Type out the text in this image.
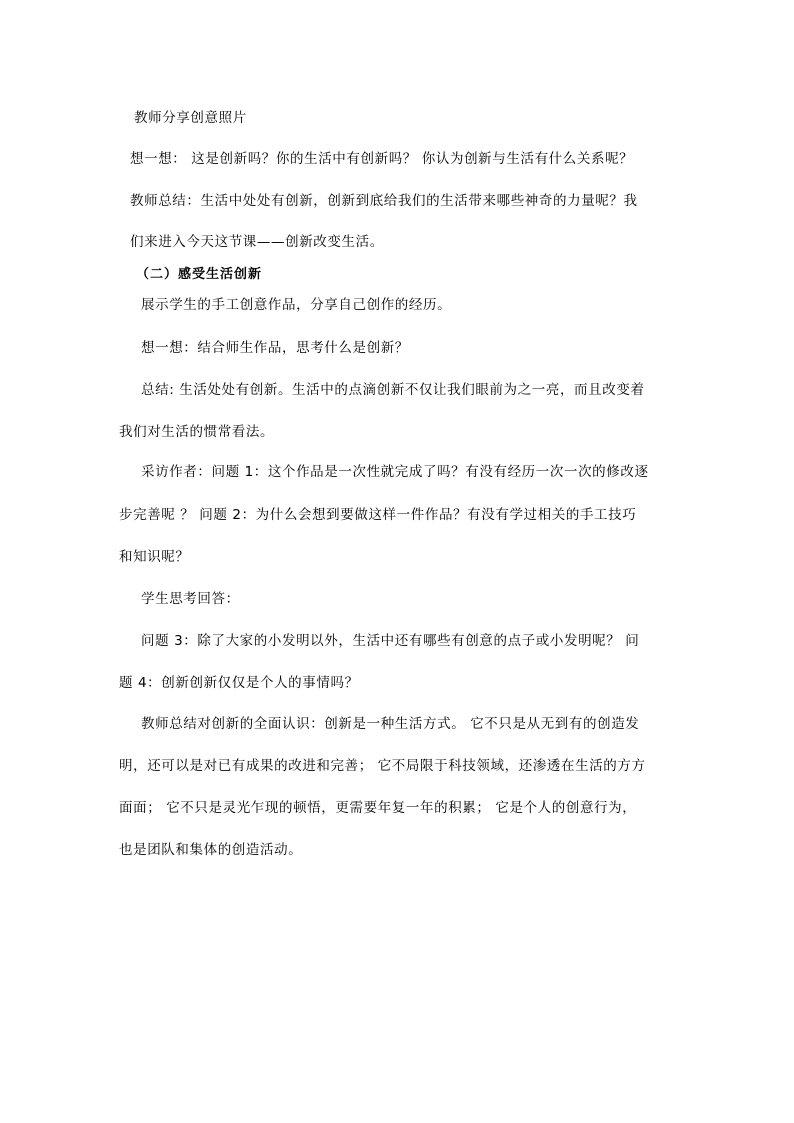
教师分享创意照片
想一想： 这是创新吗？你的生活中有创新吗？ 你认为创新与生活有什么关系呢？
教师总结：生活中处处有创新，创新到底给我们的生活带来哪些神奇的力量呢？我
们来进入今天这节课——创新改变生活。
（二）感受生活创新
展示学生的手工创意作品，分享自己创作的经历。
想一想：结合师生作品，思考什么是创新？
总结: 生活处处有创新。生活中的点滴创新不仅让我们眼前为之一亮，而且改变着
我们对生活的惯常看法。
采访作者：问题 1：这个作品是一次性就完成了吗？有没有经历一次一次的修改逐
步完善呢 ？ 问题 2：为什么会想到要做这样一件作品？有没有学过相关的手工技巧
和知识呢？
学生思考回答：
问题 3：除了大家的小发明以外，生活中还有哪些有创意的点子或小发明呢？ 问
题 4：创新创新仅仅是个人的事情吗？
教师总结对创新的全面认识：创新是一种生活方式。 它不只是从无到有的创造发
明，还可以是对已有成果的改进和完善； 它不局限于科技领域，还渗透在生活的方方
面面； 它不只是灵光乍现的顿悟，更需要年复一年的积累； 它是个人的创意行为，
也是团队和集体的创造活动。
